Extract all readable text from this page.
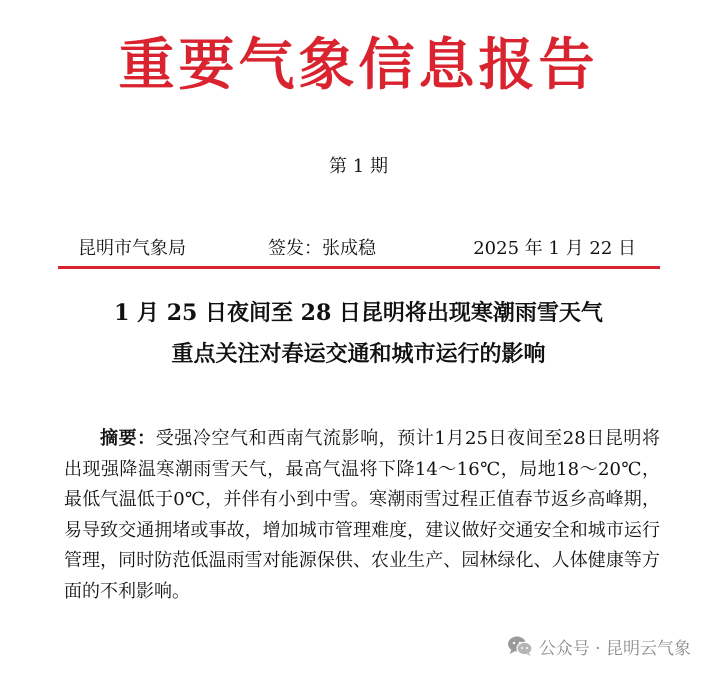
重要气象信息报告
第 1 期
昆明市气象局	签发：张成稳	2025 年 1 月 22 日
1 月 25 日夜间至 28 日昆明将出现寒潮雨雪天气
重点关注对春运交通和城市运行的影响

摘要：受强冷空气和西南气流影响，预计1月25日夜间至28日昆明将出现强降温寒潮雨雪天气，最高气温将下降14～16℃，局地18～20℃，最低气温低于0℃，并伴有小到中雪。寒潮雨雪过程正值春节返乡高峰期，易导致交通拥堵或事故，增加城市管理难度，建议做好交通安全和城市运行管理，同时防范低温雨雪对能源保供、农业生产、园林绿化、人体健康等方面的不利影响。

公众号 · 昆明云气象
